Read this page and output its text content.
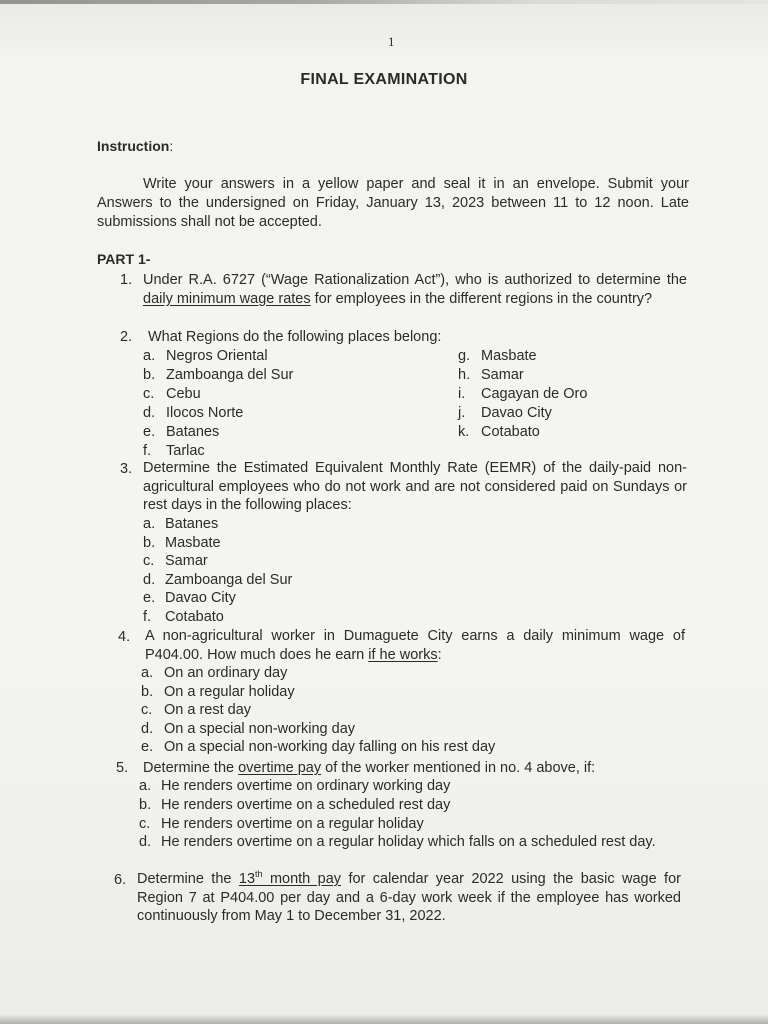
1
FINAL EXAMINATION
Instruction:
Write your answers in a yellow paper and seal it in an envelope. Submit your Answers to the undersigned on Friday, January 13, 2023 between 11 to 12 noon. Late submissions shall not be accepted.
PART 1-
1. Under R.A. 6727 (“Wage Rationalization Act”), who is authorized to determine the daily minimum wage rates for employees in the different regions in the country?
2. What Regions do the following places belong:
a. Negros Oriental
b. Zamboanga del Sur
c. Cebu
d. Ilocos Norte
e. Batanes
f. Tarlac
g. Masbate
h. Samar
i. Cagayan de Oro
j. Davao City
k. Cotabato
3. Determine the Estimated Equivalent Monthly Rate (EEMR) of the daily-paid non-agricultural employees who do not work and are not considered paid on Sundays or rest days in the following places:
a. Batanes
b. Masbate
c. Samar
d. Zamboanga del Sur
e. Davao City
f. Cotabato
4. A non-agricultural worker in Dumaguete City earns a daily minimum wage of P404.00. How much does he earn if he works:
a. On an ordinary day
b. On a regular holiday
c. On a rest day
d. On a special non-working day
e. On a special non-working day falling on his rest day
5. Determine the overtime pay of the worker mentioned in no. 4 above, if:
a. He renders overtime on ordinary working day
b. He renders overtime on a scheduled rest day
c. He renders overtime on a regular holiday
d. He renders overtime on a regular holiday which falls on a scheduled rest day.
6. Determine the 13th month pay for calendar year 2022 using the basic wage for Region 7 at P404.00 per day and a 6-day work week if the employee has worked continuously from May 1 to December 31, 2022.
